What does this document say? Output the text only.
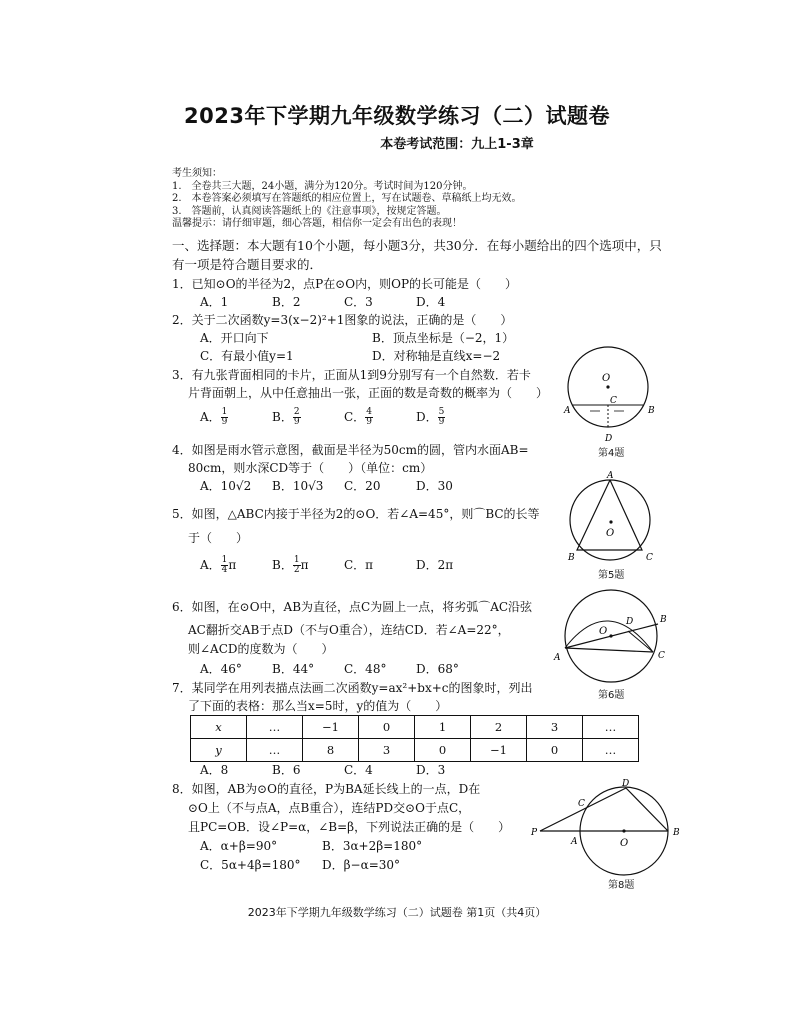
2023年下学期九年级数学练习（二）试题卷
本卷考试范围：九上1-3章
考生须知：
1.　全卷共三大题，24小题，满分为120分。考试时间为120分钟。
2.　本卷答案必须填写在答题纸的相应位置上，写在试题卷、草稿纸上均无效。
3.　答题前，认真阅读答题纸上的《注意事项》，按规定答题。
温馨提示：请仔细审题，细心答题，相信你一定会有出色的表现！
一、选择题：本大题有10个小题，每小题3分，共30分．在每小题给出的四个选项中，只有一项是符合题目要求的．
1．已知⊙O的半径为2，点P在⊙O内，则OP的长可能是（　　）
A．1	B．2	C．3	D．4
2．关于二次函数y=3(x−2)²+1图象的说法，正确的是（　　）
A．开口向下	B．顶点坐标是（−2，1）
C．有最小值y=1	D．对称轴是直线x=−2
3．有九张背面相同的卡片，正面从1到9分别写有一个自然数．若卡
片背面朝上，从中任意抽出一张，正面的数是奇数的概率为（　　）
A． $\frac{1}{9}$	B． $\frac{2}{9}$	C． $\frac{4}{9}$	D． $\frac{5}{9}$
4．如图是雨水管示意图，截面是半径为50cm的圆，管内水面AB=
80cm，则水深CD等于（　　）（单位：cm）
A．10√2 B．10√3 C．20	D．30
5．如图，△ABC内接于半径为2的⊙O．若∠A=45°，则⌒BC的长等
于（　　）
A． $\frac{1}{4}$ π	B． $\frac{1}{2}$ π	C．π	D．2π
6．如图，在⊙O中，AB为直径，点C为圆上一点，将劣弧⌒AC沿弦
AC翻折交AB于点D（不与O重合），连结CD．若∠A=22°，
则∠ACD的度数为（　　）
A．46°	B．44° C．48° D．68°
7．某同学在用列表描点法画二次函数y=ax²+bx+c的图象时，列出
了下面的表格：那么当x=5时，y的值为（　　）
x	…	−1	0	1	2	3	…
y	…	8	3	0	−1	0	…
A．8	B．6	C．4	D．3
8．如图，AB为⊙O的直径，P为BA延长线上的一点，D在
⊙O上（不与点A，点B重合），连结PD交⊙O于点C，
且PC=OB．设∠P=α，∠B=β，下列说法正确的是（　　）
A．α+β=90°	B．3α+2β=180°
C．5α+4β=180° D．β−α=30°
O
A	B
C
D
第4题
A
B	C
O
第5题
A
B
C
D
O
第6题
P
A
B
C
D
O
第8题
2023年下学期九年级数学练习（二）试题卷 第1页（共4页）
